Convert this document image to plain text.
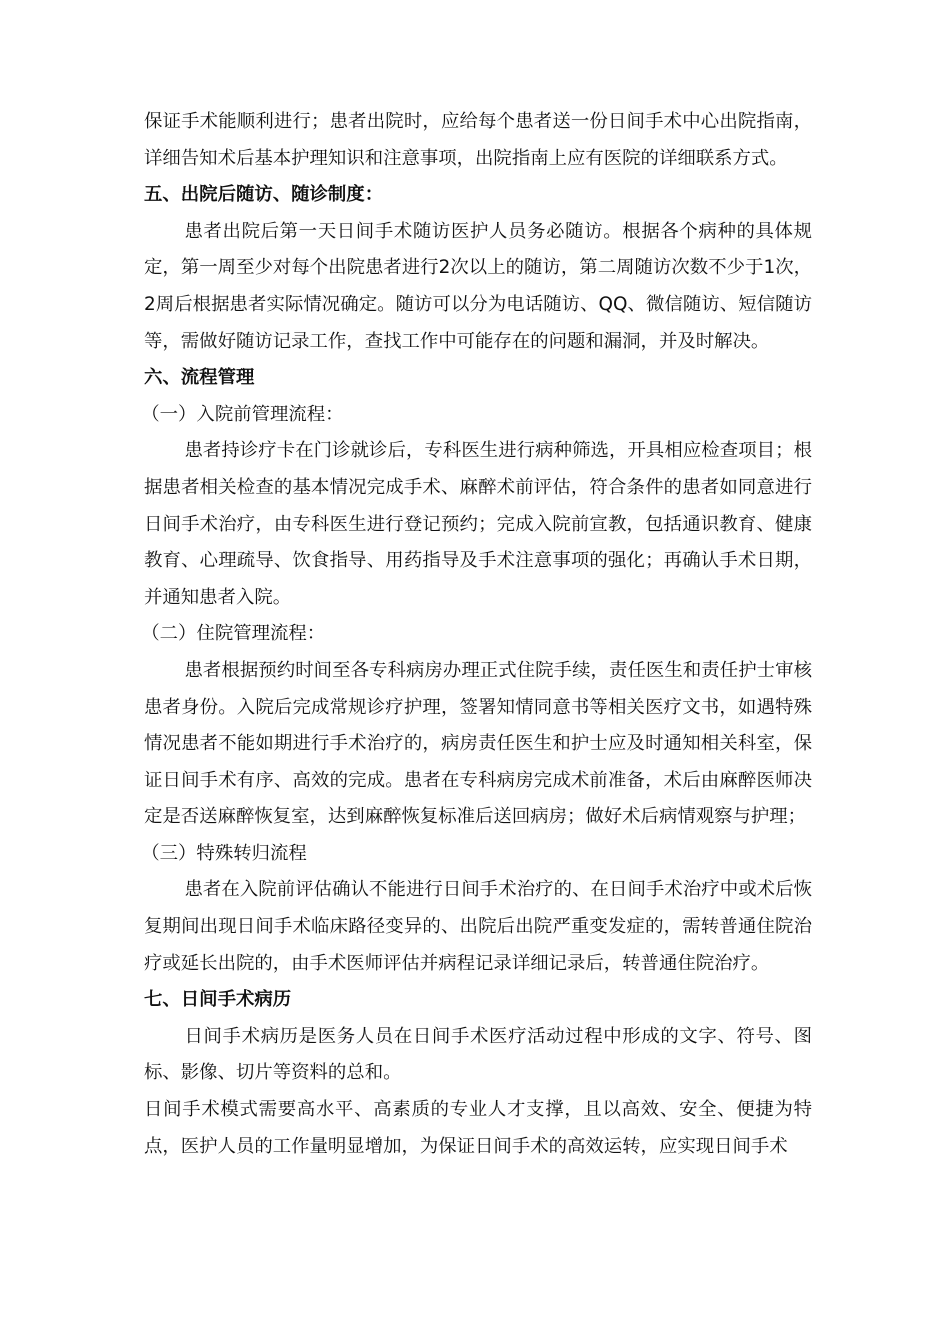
保证手术能顺利进行；患者出院时，应给每个患者送一份日间手术中心出院指南，详细告知术后基本护理知识和注意事项，出院指南上应有医院的详细联系方式。

五、出院后随访、随诊制度：

患者出院后第一天日间手术随访医护人员务必随访。根据各个病种的具体规定，第一周至少对每个出院患者进行2次以上的随访，第二周随访次数不少于1次，2周后根据患者实际情况确定。随访可以分为电话随访、QQ、微信随访、短信随访等，需做好随访记录工作，查找工作中可能存在的问题和漏洞，并及时解决。

六、流程管理

（一）入院前管理流程：

患者持诊疗卡在门诊就诊后，专科医生进行病种筛选，开具相应检查项目；根据患者相关检查的基本情况完成手术、麻醉术前评估，符合条件的患者如同意进行日间手术治疗，由专科医生进行登记预约；完成入院前宣教，包括通识教育、健康教育、心理疏导、饮食指导、用药指导及手术注意事项的强化；再确认手术日期，并通知患者入院。

（二）住院管理流程：

患者根据预约时间至各专科病房办理正式住院手续，责任医生和责任护士审核患者身份。入院后完成常规诊疗护理，签署知情同意书等相关医疗文书，如遇特殊情况患者不能如期进行手术治疗的，病房责任医生和护士应及时通知相关科室，保证日间手术有序、高效的完成。患者在专科病房完成术前准备，术后由麻醉医师决定是否送麻醉恢复室，达到麻醉恢复标准后送回病房；做好术后病情观察与护理；

（三）特殊转归流程

患者在入院前评估确认不能进行日间手术治疗的、在日间手术治疗中或术后恢复期间出现日间手术临床路径变异的、出院后出院严重变发症的，需转普通住院治疗或延长出院的，由手术医师评估并病程记录详细记录后，转普通住院治疗。

七、日间手术病历

日间手术病历是医务人员在日间手术医疗活动过程中形成的文字、符号、图标、影像、切片等资料的总和。

日间手术模式需要高水平、高素质的专业人才支撑，且以高效、安全、便捷为特点，医护人员的工作量明显增加，为保证日间手术的高效运转，应实现日间手术
